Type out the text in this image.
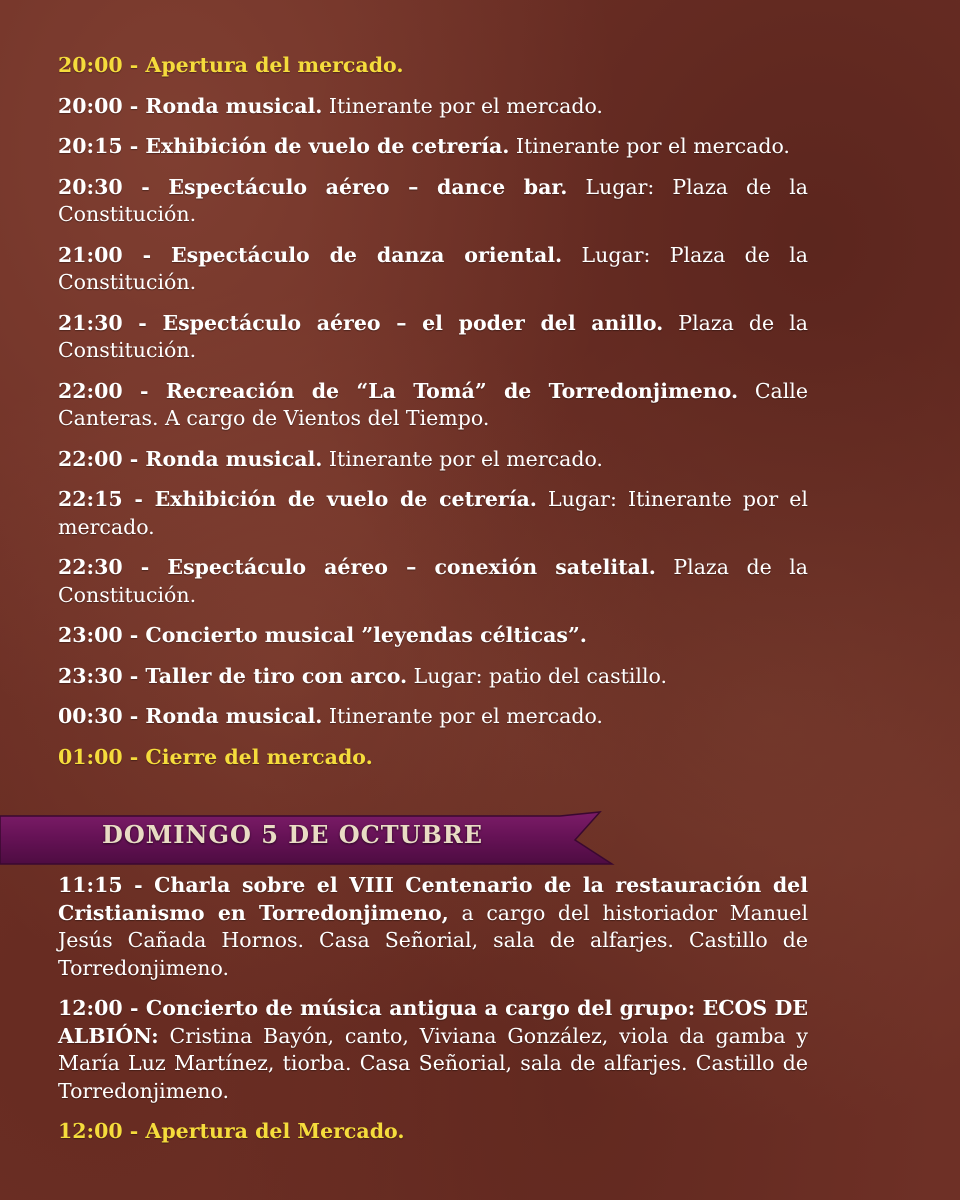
20:00 - Apertura del mercado.

20:00 - Ronda musical. Itinerante por el mercado.

20:15 - Exhibición de vuelo de cetrería. Itinerante por el mercado.

20:30 - Espectáculo aéreo – dance bar. Lugar: Plaza de la Constitución.

21:00 - Espectáculo de danza oriental. Lugar: Plaza de la Constitución.

21:30 - Espectáculo aéreo – el poder del anillo. Plaza de la Constitución.

22:00 - Recreación de “La Tomá” de Torredonjimeno. Calle Canteras. A cargo de Vientos del Tiempo.

22:00 - Ronda musical. Itinerante por el mercado.

22:15 - Exhibición de vuelo de cetrería. Lugar: Itinerante por el mercado.

22:30 - Espectáculo aéreo – conexión satelital. Plaza de la Constitución.

23:00 - Concierto musical ”leyendas célticas”.

23:30 - Taller de tiro con arco. Lugar: patio del castillo.

00:30 - Ronda musical. Itinerante por el mercado.

01:00 - Cierre del mercado.

DOMINGO 5 DE OCTUBRE

11:15 - Charla sobre el VIII Centenario de la restauración del Cristianismo en Torredonjimeno, a cargo del historiador Manuel Jesús Cañada Hornos. Casa Señorial, sala de alfarjes. Castillo de Torredonjimeno.

12:00 - Concierto de música antigua a cargo del grupo: ECOS DE ALBIÓN: Cristina Bayón, canto, Viviana González, viola da gamba y María Luz Martínez, tiorba. Casa Señorial, sala de alfarjes. Castillo de Torredonjimeno.

12:00 - Apertura del Mercado.
